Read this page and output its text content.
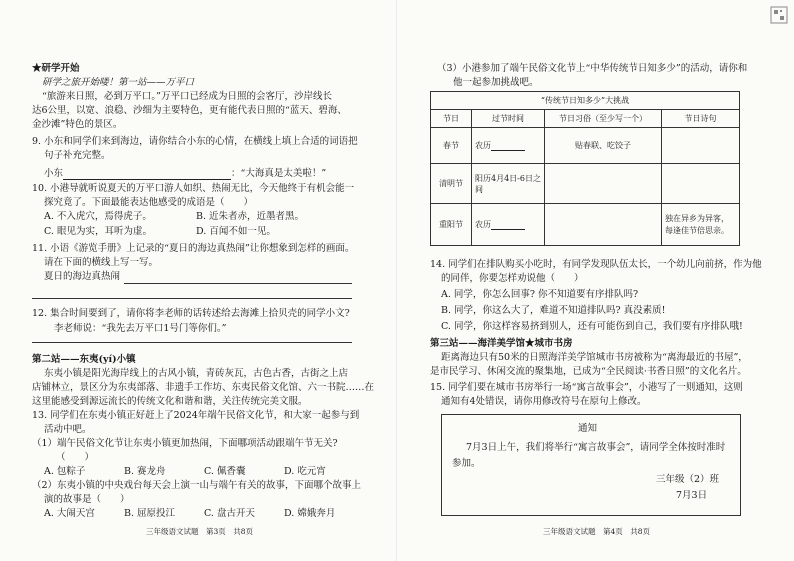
★研学开始
研学之旅开始喽！第一站——万平口
“旅游来日照，必到万平口。”万平口已经成为日照的会客厅，沙岸线长
达6公里，以宽、浪稳、沙细为主要特色，更有能代表日照的“蓝天、碧海、
金沙滩”特色的景区。
9. 小东和同学们来到海边，请你结合小东的心情，在横线上填上合适的词语把
句子补充完整。
小东	：“大海真是太美啦！”
10. 小港导就听说夏天的万平口游人如织、热闹无比，今天他终于有机会能一
探究竟了。下面最能表达他感受的成语是（　　）
A. 不入虎穴，焉得虎子。	B. 近朱者赤，近墨者黑。
C. 眼见为实，耳听为虚。	D. 百闻不如一见。
11. 小语《游览手册》上记录的“夏日的海边真热闹”让你想象到怎样的画面。
请在下面的横线上写一写。
夏日的海边真热闹
12. 集合时间要到了，请你将李老师的话转述给去海滩上拾贝壳的同学小文?
李老师说：“我先去万平口1号门等你们。”
第二站——东夷(yí)小镇
东夷小镇是阳光海岸线上的古风小镇，青砖灰瓦，古色古香，古街之上店
店铺林立，景区分为东夷部落、非遗手工作坊、东夷民俗文化馆、六一书院……在
这里能感受到源远流长的传统文化和谐和谐，关注传统完美文服。
13. 同学们在东夷小镇正好赶上了2024年端午民俗文化节，和大家一起参与到
活动中吧。
（1）端午民俗文化节让东夷小镇更加热闹，下面哪项活动跟端午节无关?
（　　）
A. 包粽子	B. 赛龙舟	C. 佩香囊	D. 吃元宵
（2）东夷小镇的中央戏台每天会上演一山与端午有关的故事，下面哪个故事上
演的故事是（　　）
A. 大闹天宫	B. 屈原投江	C. 盘古开天	D. 嫦娥奔月
三年级语文试题　第3页　共8页
（3）小港参加了端午民俗文化节上“中华传统节日知多少”的活动，请你和
他一起参加挑战吧。
“传统节日知多少”大挑战			
节日	过节时间	节日习俗（至少写一个）	节日诗句
春节	农历	贴春联、吃饺子	
清明节	阳历4月4日-6日之间		
重阳节	农历		独在异乡为异客，每逢佳节倍思亲。
14. 同学们在排队购买小吃时，有同学发现队伍太长，一个幼儿向前挤，作为他
的同伴，你要怎样劝说他（　　）
A. 同学，你怎么回事? 你不知道要有序排队吗?
B. 同学，你这么大了，难道不知道排队吗? 真没素质!
C. 同学，你这样容易挤到别人，还有可能伤到自己，我们要有序排队哦!
第三站——海洋美学馆★城市书房
距离海边只有50米的日照海洋美学馆城市书房被称为“离海最近的书屋”，
是市民学习、休闲交流的聚集地，已成为“全民阅读·书香日照”的文化名片。
15. 同学们要在城市书房举行一场“寓言故事会”，小港写了一则通知，这则
通知有4处错误，请你用修改符号在原句上修改。
通知
7月3日上午，我们将举行“寓言故事会”，请同学全体按时准时
参加。
三年级（2）班
7月3日
三年级语文试题　第4页　共8页
